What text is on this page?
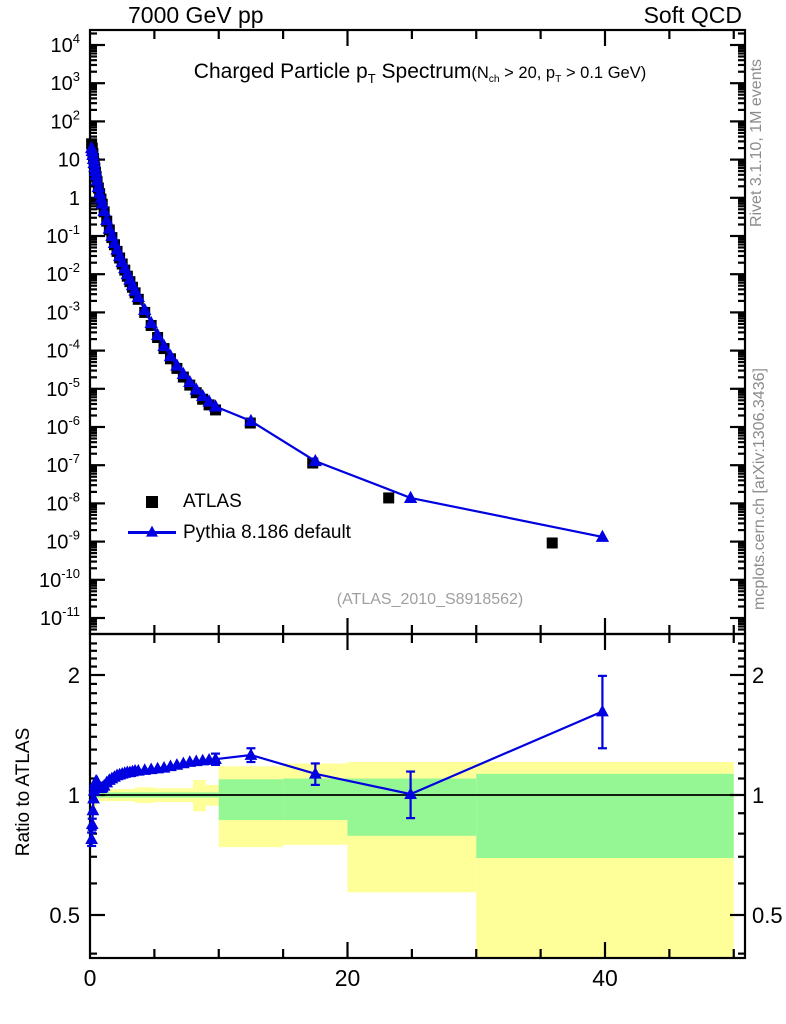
$10^4$
$10^3$
$10^2$
10
1
$10^{-1}$
$10^{-2}$
$10^{-3}$
$10^{-4}$
$10^{-5}$
$10^{-6}$
$10^{-7}$
$10^{-8}$
$10^{-9}$
$10^{-10}$
$10^{-11}$
2	2
1	1
0.5	0.5
0	20	40
7000 GeV pp	Soft QCD
Charged Particle $p_T$ $Spectrum(N_{ch} > 20$, $p_T > 0.1$ GeV)
ATLAS
Pythia 8.186 default
(ATLAS_2010_S8918562)
Rivet 3.1.10, 1M events
mcplots.cern.ch [arXiv:1306.3436]
Ratio to ATLAS
